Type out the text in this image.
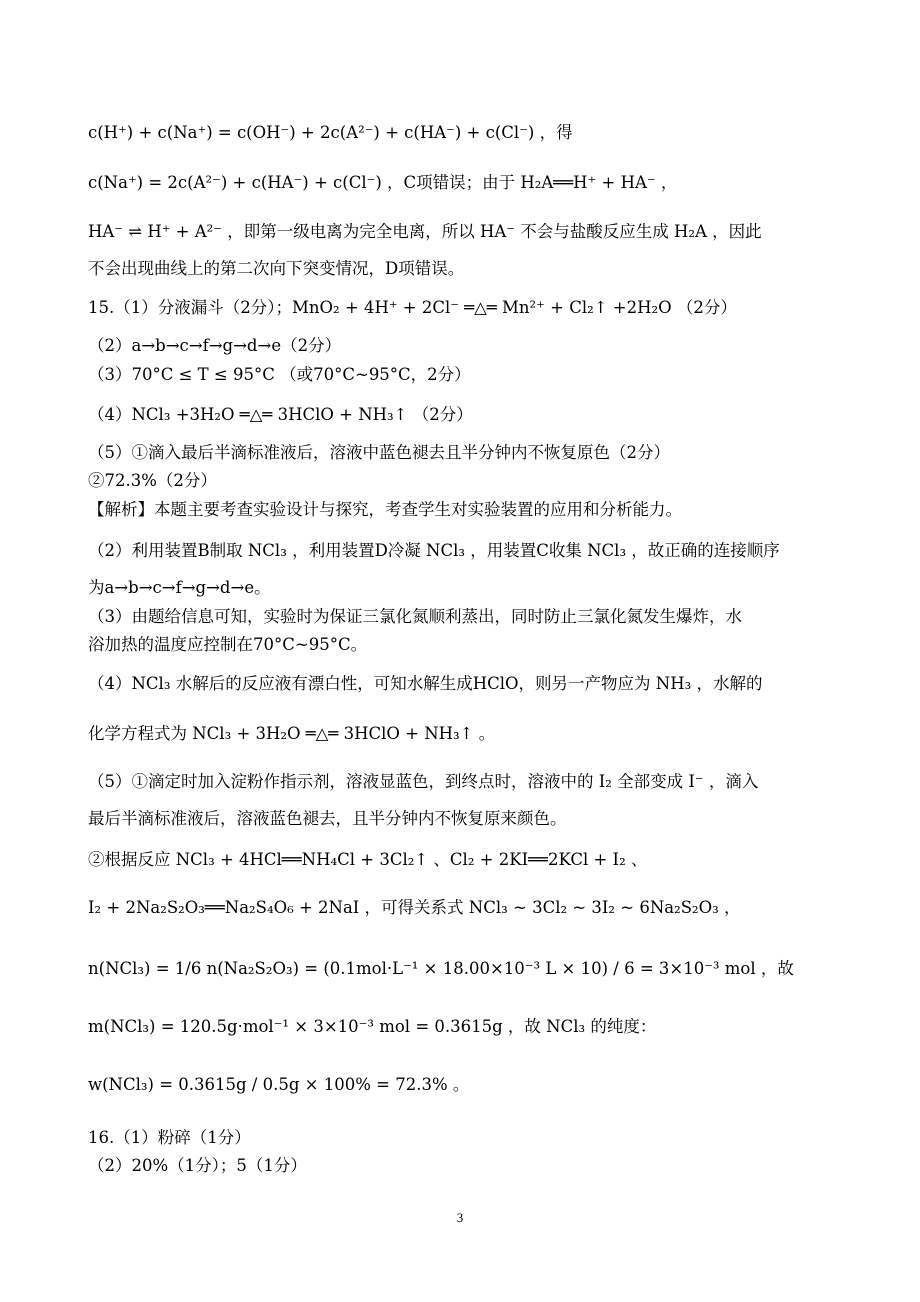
c(H⁺) + c(Na⁺) = c(OH⁻) + 2c(A²⁻) + c(HA⁻) + c(Cl⁻) ，得
c(Na⁺) = 2c(A²⁻) + c(HA⁻) + c(Cl⁻) ，C项错误；由于 H₂A══H⁺ + HA⁻ ，
HA⁻ ⇌ H⁺ + A²⁻ ，即第一级电离为完全电离，所以 HA⁻ 不会与盐酸反应生成 H₂A ，因此
不会出现曲线上的第二次向下突变情况，D项错误。
15.（1）分液漏斗（2分）；MnO₂ + 4H⁺ + 2Cl⁻ ═△═ Mn²⁺ + Cl₂↑ +2H₂O （2分）
（2）a→b→c→f→g→d→e（2分）
（3）70°C ≤ T ≤ 95°C （或70°C~95°C，2分）
（4）NCl₃ +3H₂O ═△═ 3HClO + NH₃↑ （2分）
（5）①滴入最后半滴标准液后，溶液中蓝色褪去且半分钟内不恢复原色（2分）
②72.3%（2分）
【解析】本题主要考查实验设计与探究，考查学生对实验装置的应用和分析能力。
（2）利用装置B制取 NCl₃ ，利用装置D冷凝 NCl₃ ，用装置C收集 NCl₃ ，故正确的连接顺序
为a→b→c→f→g→d→e。
（3）由题给信息可知，实验时为保证三氯化氮顺利蒸出，同时防止三氯化氮发生爆炸，水
浴加热的温度应控制在70°C~95°C。
（4）NCl₃ 水解后的反应液有漂白性，可知水解生成HClO，则另一产物应为 NH₃ ，水解的
化学方程式为 NCl₃ + 3H₂O ═△═ 3HClO + NH₃↑ 。
（5）①滴定时加入淀粉作指示剂，溶液显蓝色，到终点时，溶液中的 I₂ 全部变成 I⁻ ，滴入
最后半滴标准液后，溶液蓝色褪去，且半分钟内不恢复原来颜色。
②根据反应 NCl₃ + 4HCl══NH₄Cl + 3Cl₂↑ 、Cl₂ + 2KI══2KCl + I₂ 、
I₂ + 2Na₂S₂O₃══Na₂S₄O₆ + 2NaI ，可得关系式 NCl₃ ~ 3Cl₂ ~ 3I₂ ~ 6Na₂S₂O₃ ，
n(NCl₃) = 1/6 n(Na₂S₂O₃) = (0.1mol·L⁻¹ × 18.00×10⁻³ L × 10) / 6 = 3×10⁻³ mol ，故
m(NCl₃) = 120.5g·mol⁻¹ × 3×10⁻³ mol = 0.3615g ，故 NCl₃ 的纯度：
w(NCl₃) = 0.3615g / 0.5g × 100% = 72.3% 。
16.（1）粉碎（1分）
（2）20%（1分）；5（1分）
3
